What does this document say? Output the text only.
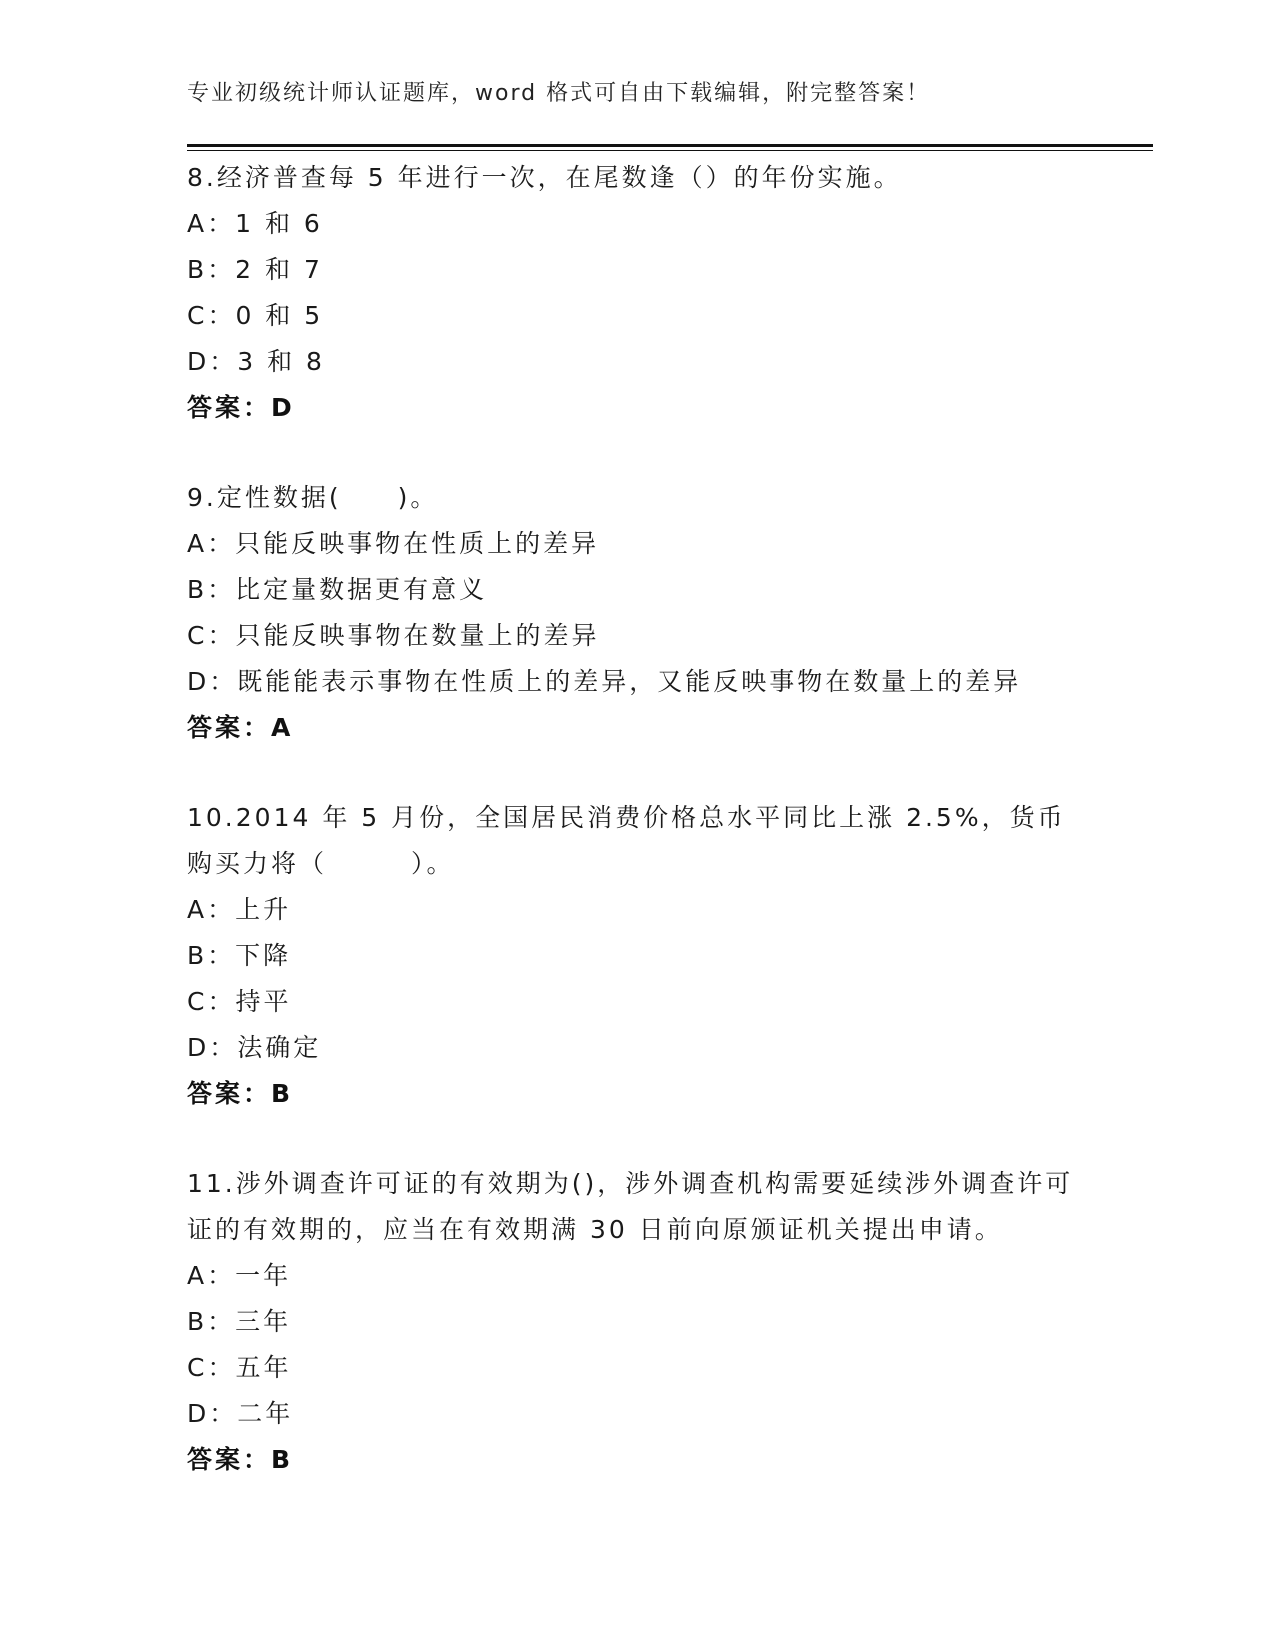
专业初级统计师认证题库，word 格式可自由下载编辑，附完整答案！

8.经济普查每 5 年进行一次，在尾数逢（）的年份实施。

A：1 和 6

B：2 和 7

C：0 和 5

D：3 和 8

答案：D

9.定性数据(　　)。

A：只能反映事物在性质上的差异

B：比定量数据更有意义

C：只能反映事物在数量上的差异

D：既能能表示事物在性质上的差异，又能反映事物在数量上的差异

答案：A

10.2014 年 5 月份，全国居民消费价格总水平同比上涨 2.5%，货币购买力将（　　　）。

A：上升

B：下降

C：持平

D：法确定

答案：B

11.涉外调查许可证的有效期为()，涉外调查机构需要延续涉外调查许可证的有效期的，应当在有效期满 30 日前向原颁证机关提出申请。

A：一年

B：三年

C：五年

D：二年

答案：B
